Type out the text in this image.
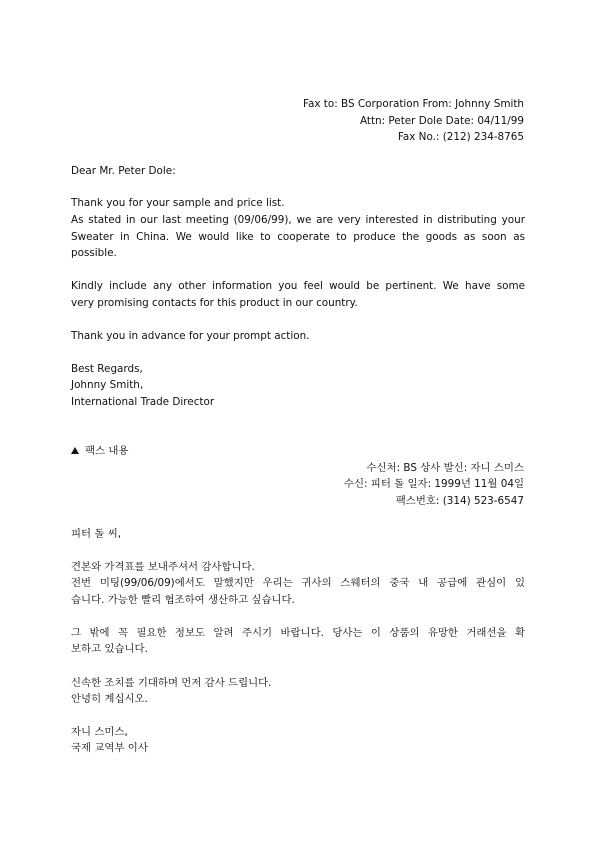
Fax to: BS Corporation From: Johnny Smith
Attn: Peter Dole Date: 04/11/99
Fax No.: (212) 234-8765
Dear Mr. Peter Dole:
Thank you for your sample and price list.
As stated in our last meeting (09/06/99), we are very interested in distributing your
Sweater in China. We would like to cooperate to produce the goods as soon as
possible.
Kindly include any other information you feel would be pertinent. We have some
very promising contacts for this product in our country.
Thank you in advance for your prompt action.
Best Regards,
Johnny Smith,
International Trade Director
팩스 내용
수신처: BS 상사 발신: 자니 스미스
수신: 피터 돌 일자: 1999년 11월 04일
팩스번호: (314) 523-6547
피터 돌 씨,
견본와 가격표를 보내주셔서 감사합니다.
전번 미팅(99/06/09)에서도 말했지만 우리는 귀사의 스웨터의 중국 내 공급에 관심이 있
습니다. 가능한 빨리 협조하여 생산하고 싶습니다.
그 밖에 꼭 필요한 정보도 알려 주시기 바랍니다. 당사는 이 상품의 유망한 거래선을 확
보하고 있습니다.
신속한 조치를 기대하며 먼저 감사 드립니다.
안녕히 계십시오.
자니 스미스,
국제 교역부 이사
